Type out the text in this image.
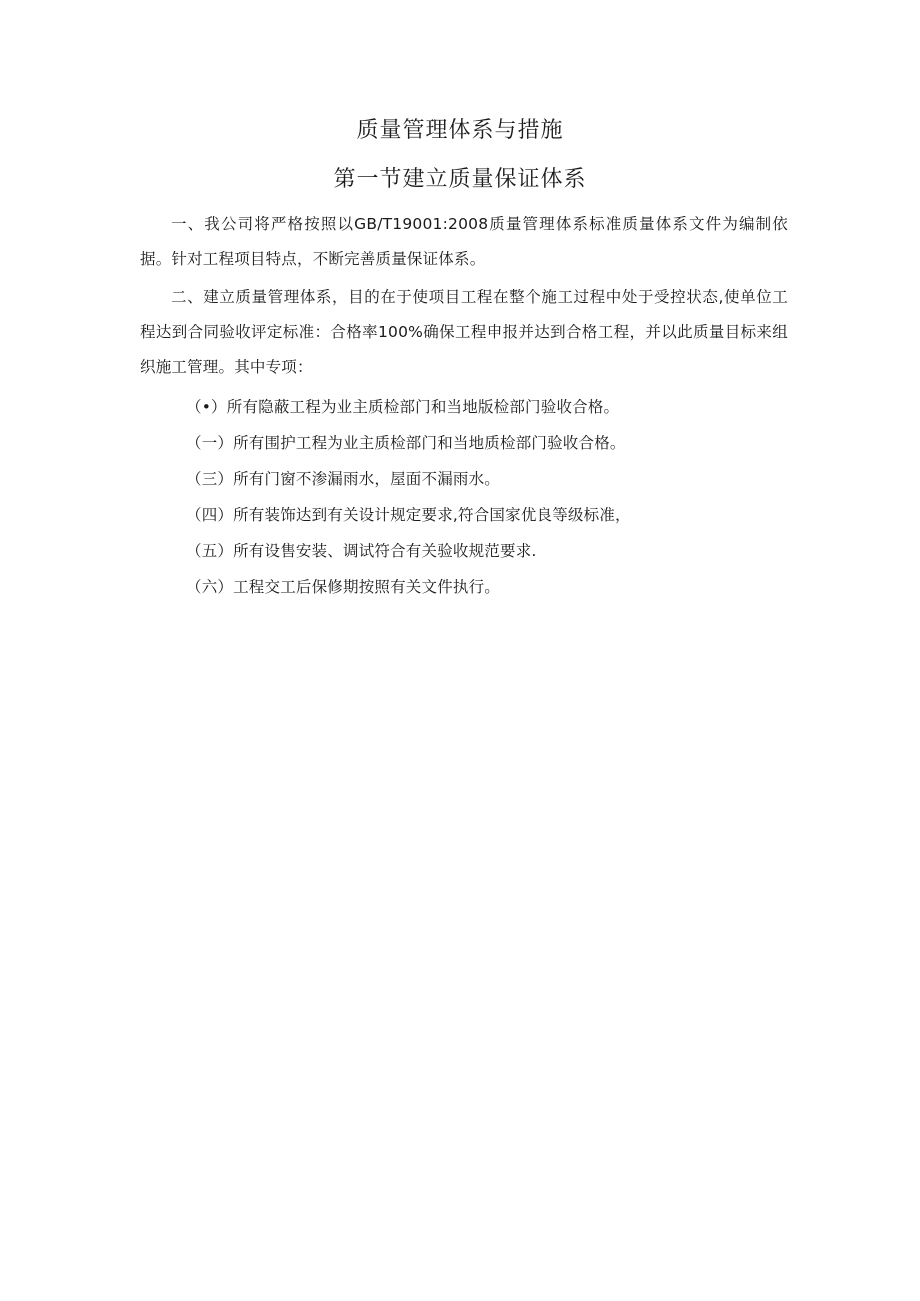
质量管理体系与措施
第一节建立质量保证体系

一、我公司将严格按照以GB/T19001:2008质量管理体系标准质量体系文件为编制依据。针对工程项目特点，不断完善质量保证体系。

二、建立质量管理体系，目的在于使项目工程在整个施工过程中处于受控状态,使单位工程达到合同验收评定标准：合格率100%确保工程申报并达到合格工程，并以此质量目标来组织施工管理。其中专项：

（•）所有隐蔽工程为业主质检部门和当地版检部门验收合格。
（一）所有围护工程为业主质检部门和当地质检部门验收合格。
（三）所有门窗不渗漏雨水，屋面不漏雨水。
（四）所有装饰达到有关设计规定要求,符合国家优良等级标准，
（五）所有设售安装、调试符合有关验收规范要求.
（六）工程交工后保修期按照有关文件执行。
